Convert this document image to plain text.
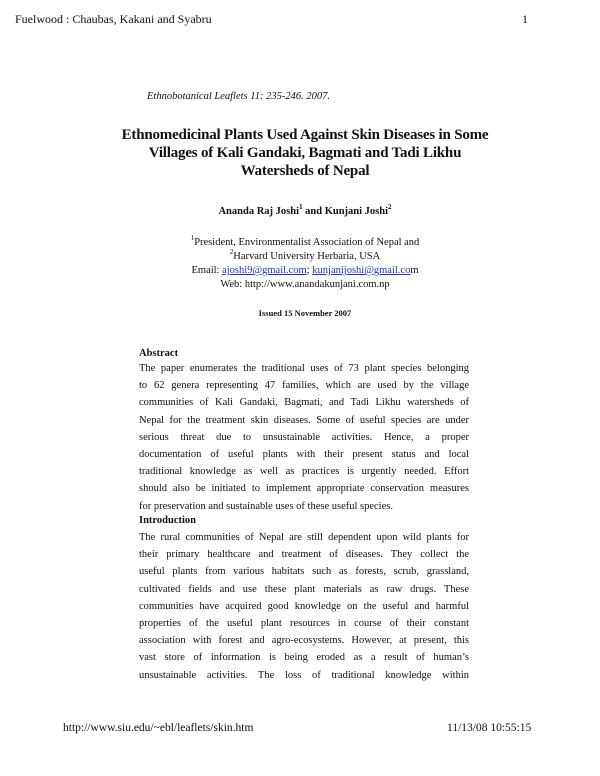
Fuelwood : Chaubas, Kakani and Syabru	1
Ethnobotanical Leaflets 11: 235-246. 2007.
Ethnomedicinal Plants Used Against Skin Diseases in Some
Villages of Kali Gandaki, Bagmati and Tadi Likhu
Watersheds of Nepal
Ananda Raj Joshi$^1$ and Kunjani Joshi$^2$
$^1$President, Environmentalist Association of Nepal and
$^2$Harvard University Herbaria, USA
Email: ajoshi9@gmail.com; kunjanijoshi@gmail.com
Web: http://www.anandakunjani.com.np
Issued 15 November 2007
Abstract
The paper enumerates the traditional uses of 73 plant species belonging
to 62 genera representing 47 families, which are used by the village
communities of Kali Gandaki, Bagmati, and Tadi Likhu watersheds of
Nepal for the treatment skin diseases. Some of useful species are under
serious threat due to unsustainable activities. Hence, a proper
documentation of useful plants with their present status and local
traditional knowledge as well as practices is urgently needed. Effort
should also be initiated to implement appropriate conservation measures
for preservation and sustainable uses of these useful species.
Introduction
The rural communities of Nepal are still dependent upon wild plants for
their primary healthcare and treatment of diseases. They collect the
useful plants from various habitats such as forests, scrub, grassland,
cultivated fields and use these plant materials as raw drugs. These
communities have acquired good knowledge on the useful and harmful
properties of the useful plant resources in course of their constant
association with forest and agro-ecosystems. However, at present, this
vast store of information is being eroded as a result of human’s
unsustainable activities. The loss of traditional knowledge within
http://www.siu.edu/~ebl/leaflets/skin.htm	11/13/08 10:55:15
